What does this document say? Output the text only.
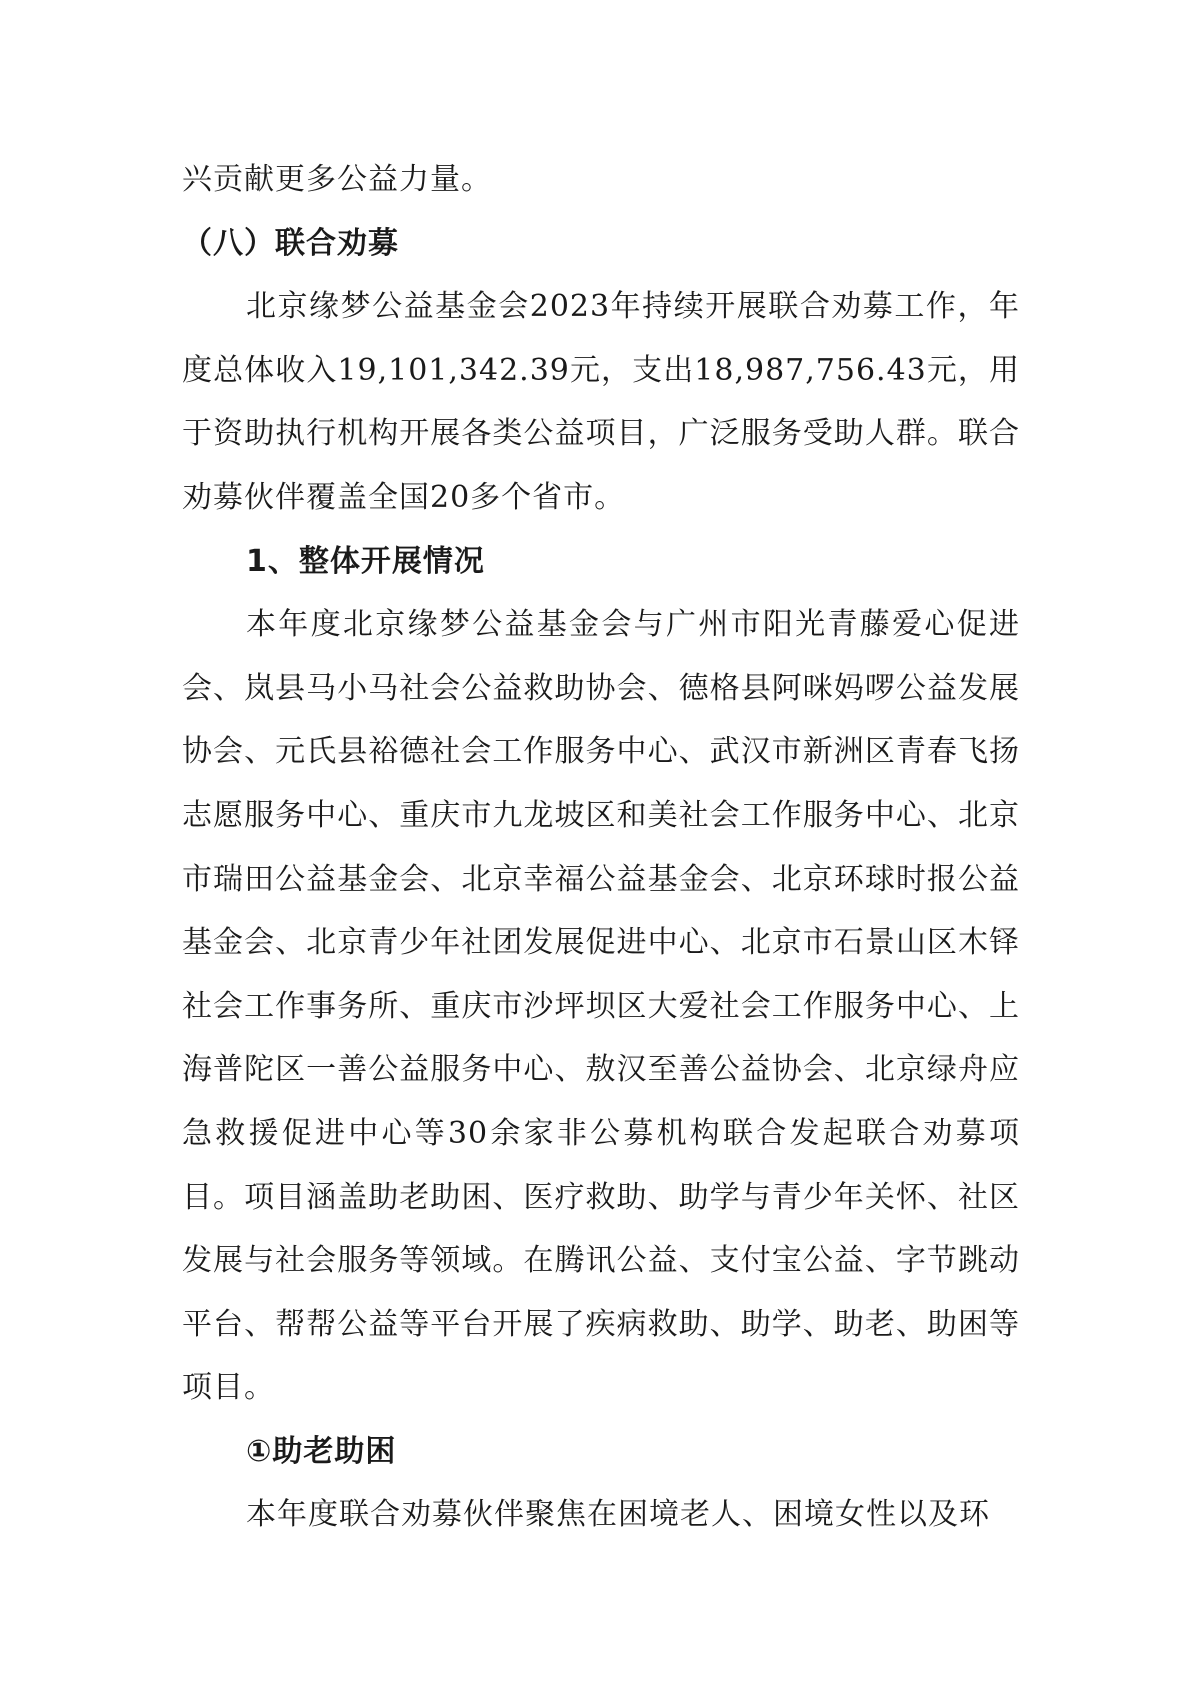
兴贡献更多公益力量。

（八）联合劝募

北京缘梦公益基金会2023年持续开展联合劝募工作，年度总体收入19,101,342.39元，支出18,987,756.43元，用于资助执行机构开展各类公益项目，广泛服务受助人群。联合劝募伙伴覆盖全国20多个省市。

1、整体开展情况

本年度北京缘梦公益基金会与广州市阳光青藤爱心促进会、岚县马小马社会公益救助协会、德格县阿咪妈啰公益发展协会、元氏县裕德社会工作服务中心、武汉市新洲区青春飞扬志愿服务中心、重庆市九龙坡区和美社会工作服务中心、北京市瑞田公益基金会、北京幸福公益基金会、北京环球时报公益基金会、北京青少年社团发展促进中心、北京市石景山区木铎社会工作事务所、重庆市沙坪坝区大爱社会工作服务中心、上海普陀区一善公益服务中心、敖汉至善公益协会、北京绿舟应急救援促进中心等30余家非公募机构联合发起联合劝募项目。项目涵盖助老助困、医疗救助、助学与青少年关怀、社区发展与社会服务等领域。在腾讯公益、支付宝公益、字节跳动平台、帮帮公益等平台开展了疾病救助、助学、助老、助困等项目。

①助老助困

本年度联合劝募伙伴聚焦在困境老人、困境女性以及环
